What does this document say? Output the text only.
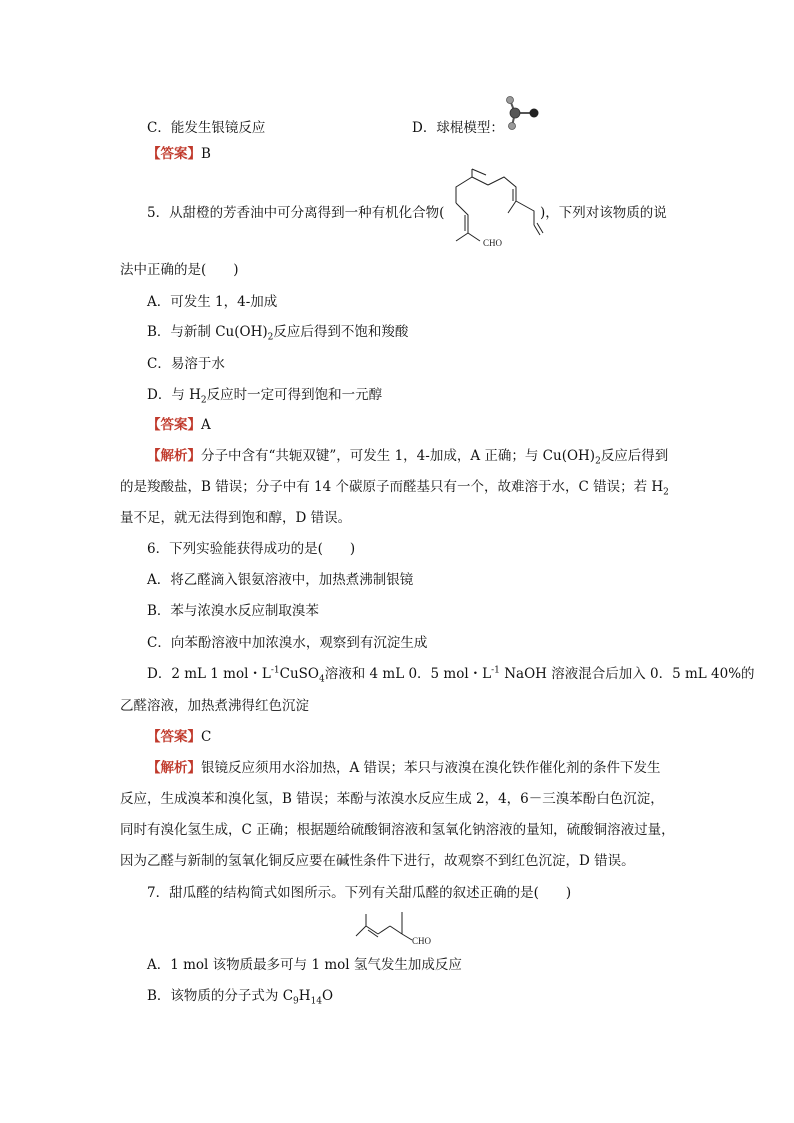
C．能发生银镜反应	D．球棍模型：
【答案】B
5．从甜橙的芳香油中可分离得到一种有机化合物(
CHO
)，下列对该物质的说
法中正确的是(　　)
A．可发生 1，4-加成
B．与新制 $Cu(OH)_2$反应后得到不饱和羧酸
C．易溶于水
D．与 $H_2$反应时一定可得到饱和一元醇
【答案】A
【解析】分子中含有“共轭双键”，可发生 1，4-加成，A 正确；与 $Cu(OH)_2$反应后得到
的是羧酸盐，B 错误；分子中有 14 个碳原子而醛基只有一个，故难溶于水，C 错误；若 $H_2$
量不足，就无法得到饱和醇，D 错误。
6．下列实验能获得成功的是(　　)
A．将乙醛滴入银氨溶液中，加热煮沸制银镜
B．苯与浓溴水反应制取溴苯
C．向苯酚溶液中加浓溴水，观察到有沉淀生成
D．2 mL 1 mol・$L^{-1}CuSO_4$溶液和 4 mL 0．5 mol・$L^{-1}$ NaOH 溶液混合后加入 0．5 mL 40%的
乙醛溶液，加热煮沸得红色沉淀
【答案】C
【解析】银镜反应须用水浴加热，A 错误；苯只与液溴在溴化铁作催化剂的条件下发生
反应，生成溴苯和溴化氢，B 错误；苯酚与浓溴水反应生成 2，4，6－三溴苯酚白色沉淀，
同时有溴化氢生成，C 正确；根据题给硫酸铜溶液和氢氧化钠溶液的量知，硫酸铜溶液过量，
因为乙醛与新制的氢氧化铜反应要在碱性条件下进行，故观察不到红色沉淀，D 错误。
7．甜瓜醛的结构简式如图所示。下列有关甜瓜醛的叙述正确的是(　　)
CHO
A．1 mol 该物质最多可与 1 mol 氢气发生加成反应
B．该物质的分子式为 $C_9H_{14}O$
